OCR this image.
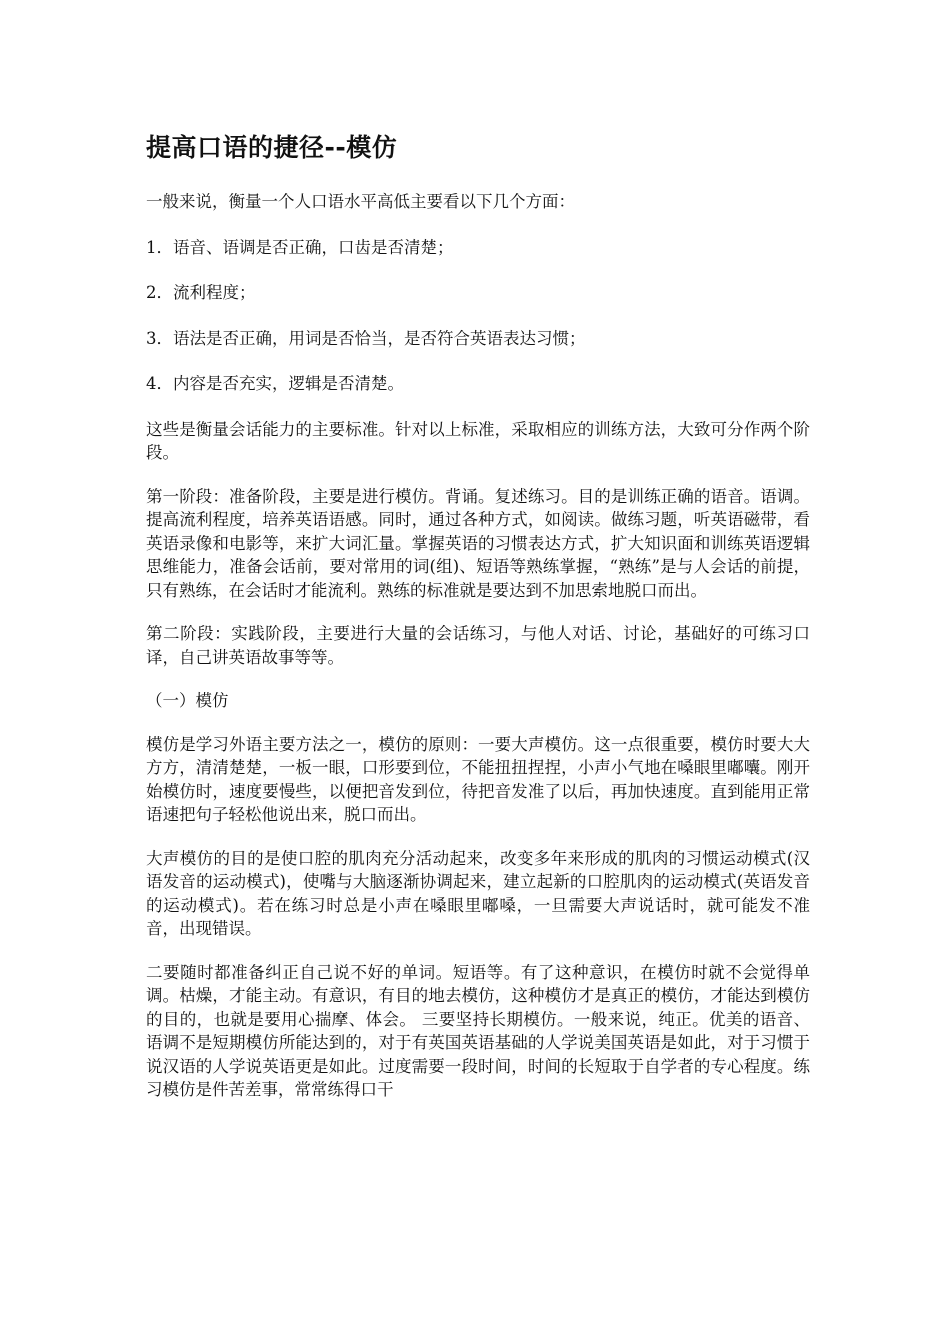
提高口语的捷径--模仿

一般来说，衡量一个人口语水平高低主要看以下几个方面：

1．语音、语调是否正确，口齿是否清楚；

2．流利程度；

3．语法是否正确，用词是否恰当，是否符合英语表达习惯；

4．内容是否充实，逻辑是否清楚。

这些是衡量会话能力的主要标准。针对以上标准，采取相应的训练方法，大致可分作两个阶段。

第一阶段：准备阶段，主要是进行模仿。背诵。复述练习。目的是训练正确的语音。语调。提高流利程度，培养英语语感。同时，通过各种方式，如阅读。做练习题，听英语磁带，看英语录像和电影等，来扩大词汇量。掌握英语的习惯表达方式，扩大知识面和训练英语逻辑思维能力，准备会话前，要对常用的词(组)、短语等熟练掌握，“熟练”是与人会话的前提，只有熟练，在会话时才能流利。熟练的标准就是要达到不加思索地脱口而出。

第二阶段：实践阶段，主要进行大量的会话练习，与他人对话、讨论，基础好的可练习口译，自己讲英语故事等等。

（一）模仿

模仿是学习外语主要方法之一，模仿的原则：一要大声模仿。这一点很重要，模仿时要大大方方，清清楚楚，一板一眼，口形要到位，不能扭扭捏捏，小声小气地在嗓眼里嘟囔。刚开始模仿时，速度要慢些，以便把音发到位，待把音发准了以后，再加快速度。直到能用正常语速把句子轻松他说出来，脱口而出。

大声模仿的目的是使口腔的肌肉充分活动起来，改变多年来形成的肌肉的习惯运动模式(汉语发音的运动模式)，使嘴与大脑逐渐协调起来，建立起新的口腔肌肉的运动模式(英语发音的运动模式)。若在练习时总是小声在嗓眼里嘟嗓，一旦需要大声说话时，就可能发不准音，出现错误。

二要随时都准备纠正自己说不好的单词。短语等。有了这种意识，在模仿时就不会觉得单调。枯燥，才能主动。有意识，有目的地去模仿，这种模仿才是真正的模仿，才能达到模仿的目的，也就是要用心揣摩、体会。 三要坚持长期模仿。一般来说，纯正。优美的语音、语调不是短期模仿所能达到的，对于有英国英语基础的人学说美国英语是如此，对于习惯于说汉语的人学说英语更是如此。过度需要一段时间，时间的长短取于自学者的专心程度。练习模仿是件苦差事，常常练得口干
